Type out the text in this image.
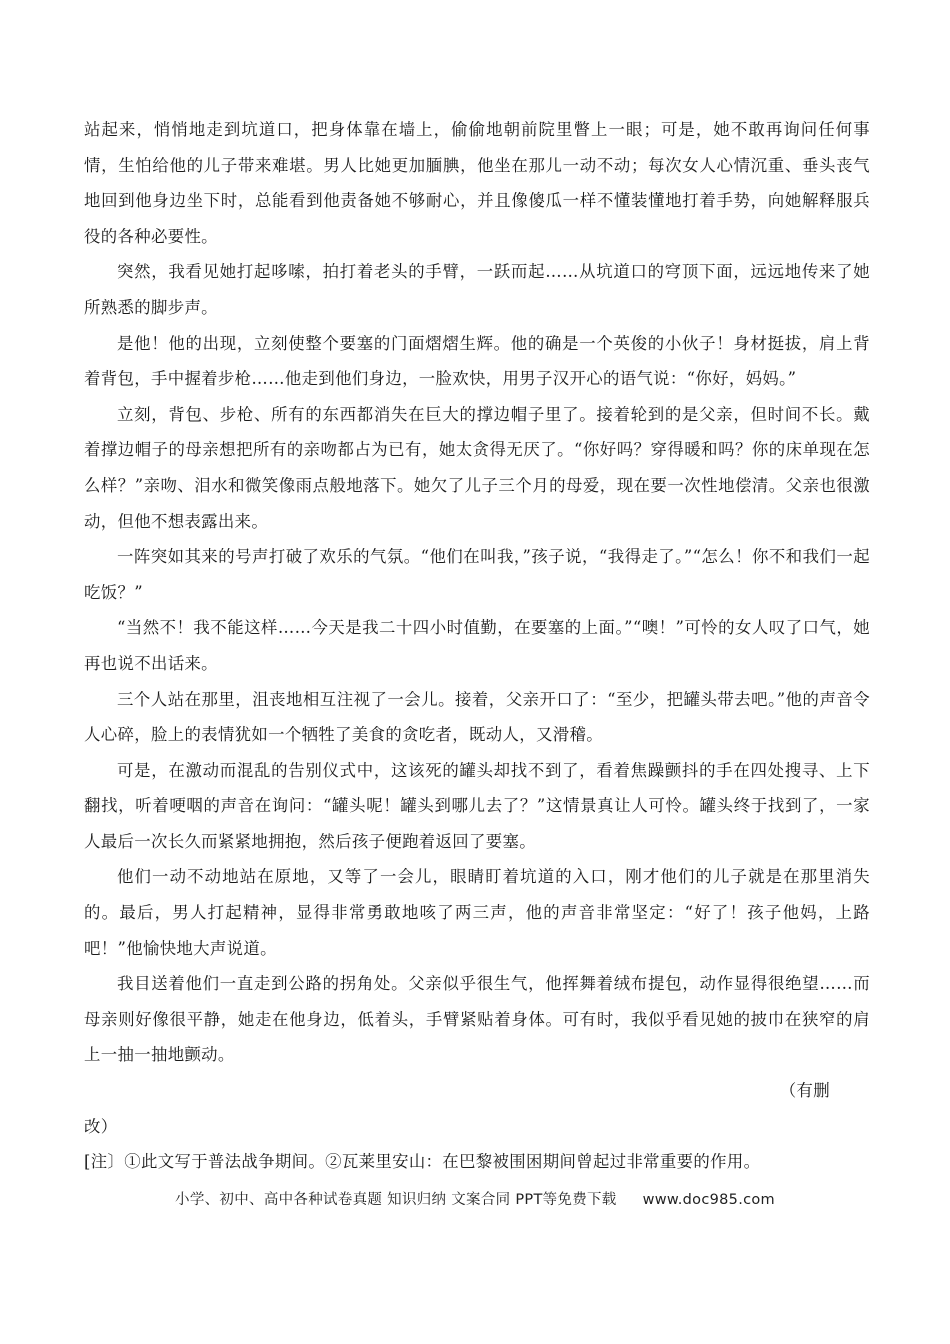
站起来，悄悄地走到坑道口，把身体靠在墙上，偷偷地朝前院里瞥上一眼；可是，她不敢再询问任何事情，生怕给他的儿子带来难堪。男人比她更加腼腆，他坐在那儿一动不动；每次女人心情沉重、垂头丧气地回到他身边坐下时，总能看到他责备她不够耐心，并且像傻瓜一样不懂装懂地打着手势，向她解释服兵役的各种必要性。

突然，我看见她打起哆嗦，拍打着老头的手臂，一跃而起……从坑道口的穹顶下面，远远地传来了她所熟悉的脚步声。

是他！他的出现，立刻使整个要塞的门面熠熠生辉。他的确是一个英俊的小伙子！身材挺拔，肩上背着背包，手中握着步枪……他走到他们身边，一脸欢快，用男子汉开心的语气说：“你好，妈妈。”

立刻，背包、步枪、所有的东西都消失在巨大的撑边帽子里了。接着轮到的是父亲，但时间不长。戴着撑边帽子的母亲想把所有的亲吻都占为已有，她太贪得无厌了。“你好吗？穿得暖和吗？你的床单现在怎么样？”亲吻、泪水和微笑像雨点般地落下。她欠了儿子三个月的母爱，现在要一次性地偿清。父亲也很激动，但他不想表露出来。

一阵突如其来的号声打破了欢乐的气氛。“他们在叫我，”孩子说，“我得走了。”“怎么！你不和我们一起吃饭？”

“当然不！我不能这样……今天是我二十四小时值勤，在要塞的上面。”“噢！”可怜的女人叹了口气，她再也说不出话来。

三个人站在那里，沮丧地相互注视了一会儿。接着，父亲开口了：“至少，把罐头带去吧。”他的声音令人心碎，脸上的表情犹如一个牺牲了美食的贪吃者，既动人，又滑稽。

可是，在激动而混乱的告别仪式中，这该死的罐头却找不到了，看着焦躁颤抖的手在四处搜寻、上下翻找，听着哽咽的声音在询问：“罐头呢！罐头到哪儿去了？”这情景真让人可怜。罐头终于找到了，一家人最后一次长久而紧紧地拥抱，然后孩子便跑着返回了要塞。

他们一动不动地站在原地，又等了一会儿，眼睛盯着坑道的入口，刚才他们的儿子就是在那里消失的。最后，男人打起精神，显得非常勇敢地咳了两三声，他的声音非常坚定：“好了！孩子他妈，上路吧！”他愉快地大声说道。

我目送着他们一直走到公路的拐角处。父亲似乎很生气，他挥舞着绒布提包，动作显得很绝望……而母亲则好像很平静，她走在他身边，低着头，手臂紧贴着身体。可有时，我似乎看见她的披巾在狭窄的肩上一抽一抽地颤动。

（有删

改）

[注〕①此文写于普法战争期间。②瓦莱里安山：在巴黎被围困期间曾起过非常重要的作用。

小学、初中、高中各种试卷真题 知识归纳 文案合同 PPT等免费下载 www.doc985.com
